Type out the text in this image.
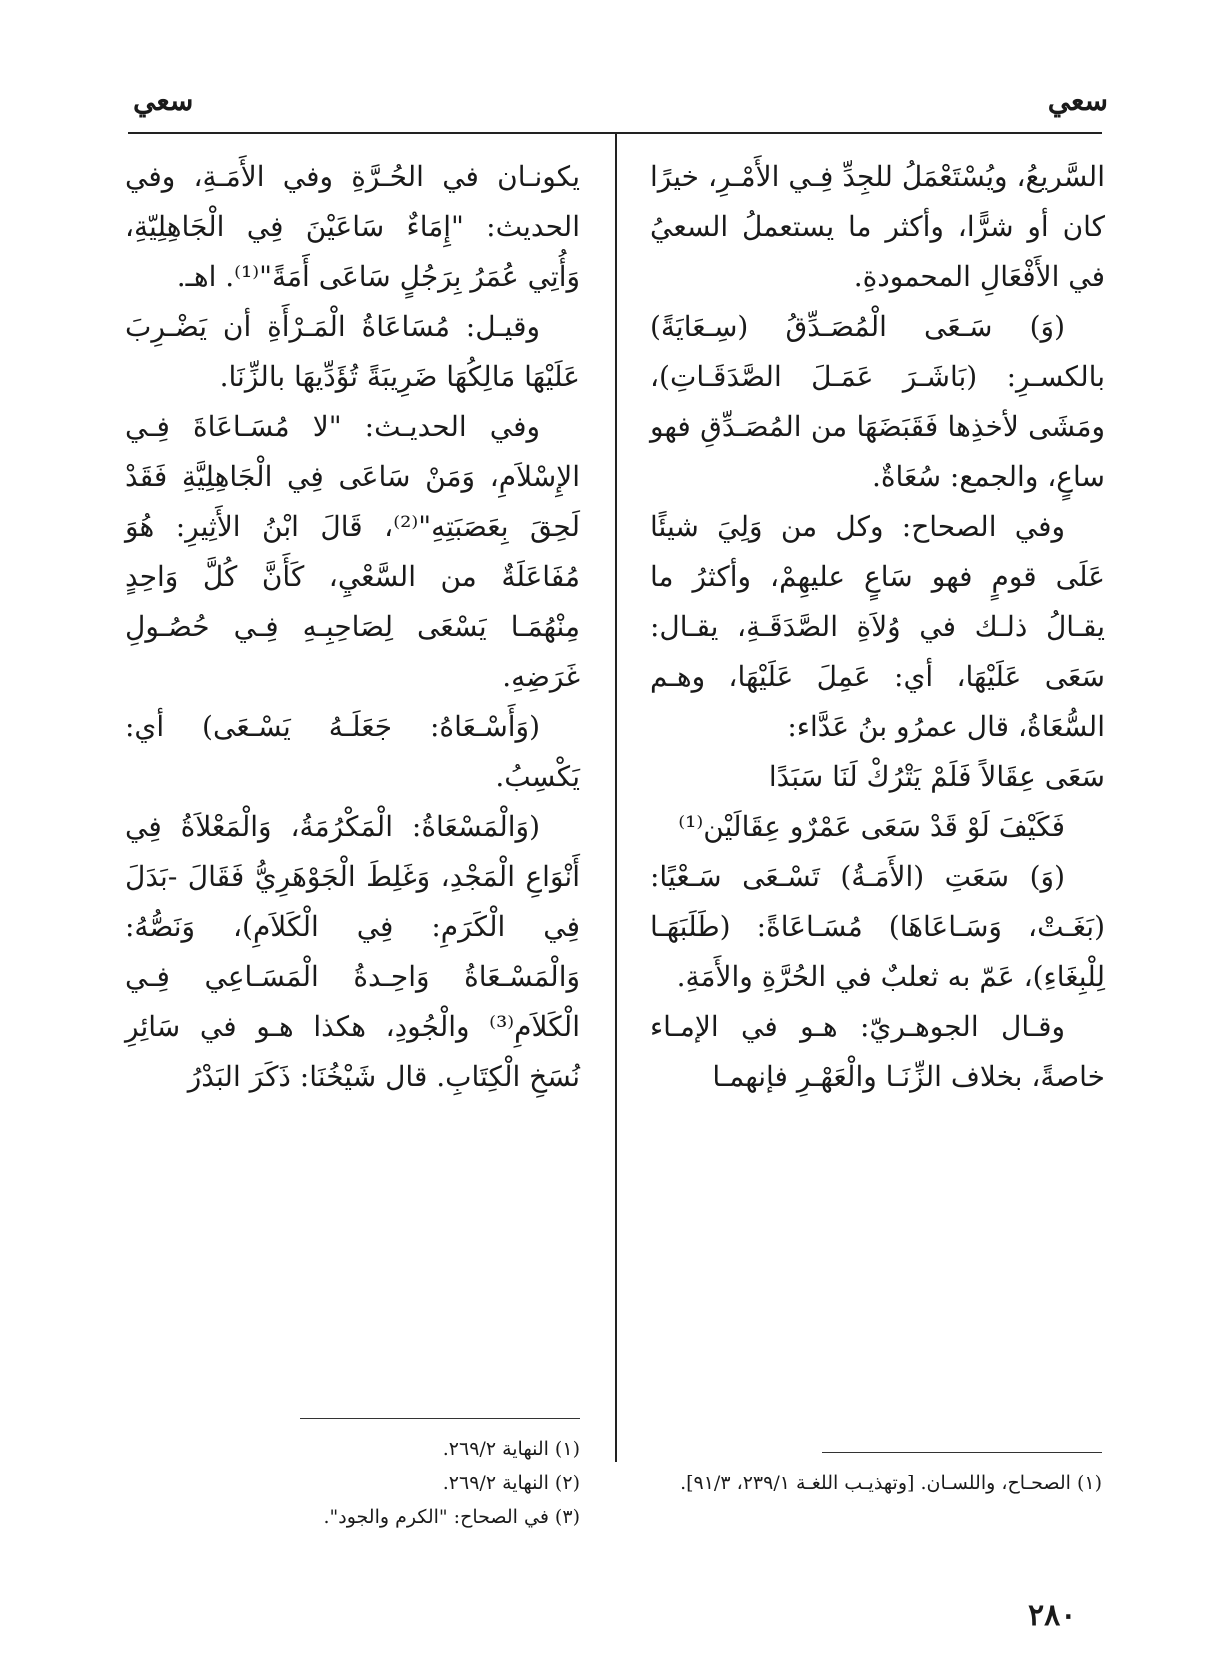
سعي
سعي

السَّريعُ، ويُسْتَعْمَلُ للجِدِّ فِـي الأَمْـرِ، خيرًا كان أو شرًّا، وأكثر ما يستعملُ السعيُ في الأَفْعَالِ المحمودةِ.

(وَ) سَـعَى الْمُصَـدِّقُ (سِـعَايَةً) بالكسـرِ: (بَاشَـرَ عَمَـلَ الصَّدَقَـاتِ)، ومَشَى لأخذِها فَقَبَضَهَا من المُصَـدِّقِ فهو ساعٍ، والجمع: سُعَاةٌ.

وفي الصحاح: وكل من وَلِيَ شيئًا عَلَى قومٍ فهو سَاعٍ عليهِمْ، وأكثرُ ما يقـالُ ذلـك في وُلاَةِ الصَّدَقَـةِ، يقـال: سَعَى عَلَيْهَا، أي: عَمِلَ عَلَيْهَا، وهـم السُّعَاةُ، قال عمرُو بنُ عَدَّاء:

سَعَى عِقَالاً فَلَمْ يَتْرُكْ لَنَا سَبَدًا

فَكَيْفَ لَوْ قَدْ سَعَى عَمْرٌو عِقَالَيْن⁽¹⁾

(وَ) سَعَتِ (الأَمَـةُ) تَسْـعَى سَـعْيًا: (بَغَـتْ، وَسَـاعَاهَا) مُسَـاعَاةً: (طَلَبَهَـا لِلْبِغَاءِ)، عَمّ به ثعلبٌ في الحُرَّةِ والأَمَةِ.

وقـال الجوهـريّ: هـو في الإمـاء خاصةً، بخلاف الزِّنَـا والْعَهْـرِ فإنهمـا

يكونـان في الحُـرَّةِ وفي الأَمَـةِ، وفي الحديث: "إِمَاءٌ سَاعَيْنَ فِي الْجَاهِلِيّةِ، وَأُتِي عُمَرُ بِرَجُلٍ سَاعَى أَمَةً"⁽¹⁾. اهـ.

وقيـل: مُسَاعَاةُ الْمَـرْأَةِ أن يَضْـرِبَ عَلَيْهَا مَالِكُهَا ضَرِيبَةً تُؤَدِّيهَا بالزِّنَا.

وفي الحديـث: "لا مُسَـاعَاةَ فِـي الإِسْلاَمِ، وَمَنْ سَاعَى فِي الْجَاهِلِيَّةِ فَقَدْ لَحِقَ بِعَصَبَتِهِ"⁽²⁾، قَالَ ابْنُ الأَثِيرِ: هُوَ مُفَاعَلَةٌ من السَّعْيِ، كَأَنَّ كُلَّ وَاحِدٍ مِنْهُمَـا يَسْعَى لِصَاحِبِـهِ فِـي حُصُـولِ غَرَضِهِ.

(وَأَسْـعَاهُ: جَعَلَـهُ يَسْـعَى) أي: يَكْسِبُ.

(وَالْمَسْعَاةُ: الْمَكْرُمَةُ، وَالْمَعْلاَةُ فِي أَنْوَاعِ الْمَجْدِ، وَغَلِطَ الْجَوْهَرِيُّ فَقَالَ -بَدَلَ فِي الْكَرَمِ: فِي الْكَلاَمِ)، وَنَصُّهُ: وَالْمَسْـعَاةُ وَاحِـدةُ الْمَسَـاعِي فِـي الْكَلاَمِ⁽³⁾ والْجُودِ، هكذا هـو في سَائِرِ نُسَخِ الْكِتَابِ. قال شَيْخُنَا: ذَكَرَ البَدْرُ

(١) الصحـاح، واللسـان. [وتهذيـب اللغـة ٢٣٩/١، ٩١/٣].

(١) النهاية ٢٦٩/٢.

(٢) النهاية ٢٦٩/٢.

(٣) في الصحاح: "الكرم والجود".

٢٨٠
